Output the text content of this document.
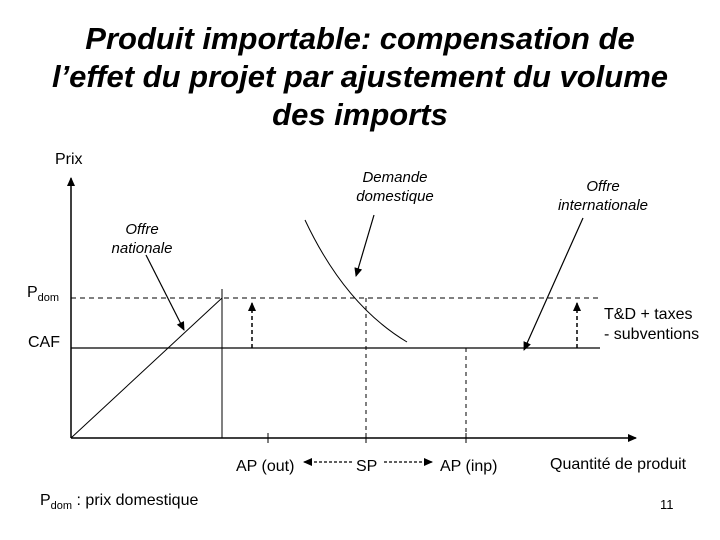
Produit importable: compensation de
l’effet du projet par ajustement du volume
des imports
Prix
Demande
domestique
Offre
internationale
Offre
nationale
$P_{dom}$
CAF
T&D + taxes
- subventions
AP (out)	SP	AP (inp)	Quantité de produit
$P_{dom}$ : prix domestique	11
